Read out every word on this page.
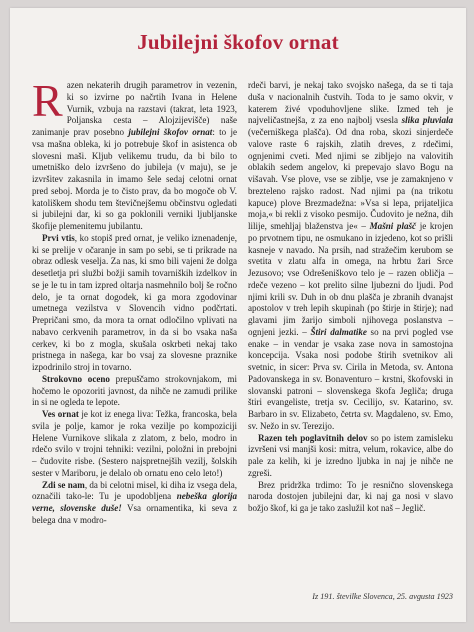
Jubilejni škofov ornat

Razen nekaterih drugih parametrov in vezenin, ki so izvirne po načrtih Ivana in Helene Vurnik, vzbuja na razstavi (takrat, leta 1923, Poljanska cesta – Alojzijevišče) naše zanimanje prav posebno jubilejni škofov ornat: to je vsa mašna obleka, ki jo potrebuje škof in asistenca ob slovesni maši. Kljub velikemu trudu, da bi bilo to umetniško delo izvršeno do jubileja (v maju), se je izvršitev zakasnila in imamo šele sedaj celotni ornat pred seboj. Morda je to čisto prav, da bo mogoče ob V. katoliškem shodu tem števičnejšemu občinstvu ogledati si jubilejni dar, ki so ga poklonili verniki ljubljanske škofije plemenitemu jubilantu.

Prvi vtis, ko stopiš pred ornat, je veliko iznenadenje, ki se prelije v očaranje in sam po sebi, se ti prikrade na obraz odlesk veselja. Za nas, ki smo bili vajeni že dolga desetletja pri službi božji samih tovarniških izdelkov in se je le tu in tam izpred oltarja nasmehnilo bolj še ročno delo, je ta ornat dogodek, ki ga mora zgodovinar umetnega vezilstva v Slovencih vidno podčrtati. Prepričani smo, da mora ta ornat odločilno vplivati na nabavo cerkvenih parametrov, in da si bo vsaka naša cerkev, ki bo z mogla, skušala oskrbeti nekaj tako pristnega in našega, kar bo vsaj za slovesne praznike izpodrinilo stroj in tovarno.

Strokovno oceno prepuščamo strokovnjakom, mi hočemo le opozoriti javnost, da nihče ne zamudi prilike in si ne ogleda te lepote.

Ves ornat je kot iz enega liva: Težka, francoska, bela svila je polje, kamor je roka vezilje po kompoziciji Helene Vurnikove slikala z zlatom, z belo, modro in rdečo svilo v trojni tehniki: vezilni, položni in prebojni – čudovite risbe. (Sestero najspretnejših vezilj, šolskih sester v Mariboru, je delalo ob ornatu eno celo leto!)

Zdi se nam, da bi celotni misel, ki diha iz vsega dela, označili tako-le: Tu je upodobljena nebeška glorija verne, slovenske duše! Vsa ornamentika, ki seva z belega dna v modro-

rdeči barvi, je nekaj tako svojsko našega, da se ti taja duša v nacionalnih čustvih. Toda to je samo okvir, v katerem živé vpoduhovljene slike. Izmed teh je najveličastnejša, z za eno najbolj vsesla slika pluviala (večerniškega plašča). Od dna roba, skozi sinjerdeče valove raste 6 rajskih, zlatih dreves, z rdečimi, ognjenimi cveti. Med njimi se zibljejo na valovitih oblakih sedem angelov, ki prepevajo slavo Bogu na višavah. Vse plove, vse se ziblje, vse je zamaknjeno v brezteleno rajsko radost. Nad njimi pa (na trikotu kapuce) plove Brezmadežna: »Vsa si lepa, prijateljica moja,« bi rekli z visoko pesmijo. Čudovito je nežna, dih lilije, smehljaj blaženstva je« – Mašni plašč je krojen po prvotnem tipu, ne osmukano in izjedeno, kot so prišli kasneje v navado. Na prsih, nad stražečim kerubom se svetita v zlatu alfa in omega, na hrbtu žari Srce Jezusovo; vse Odrešeniškovo telo je – razen obličja – rdeče vezeno – kot prelito silne ljubezni do ljudi. Pod njimi krili sv. Duh in ob dnu plašča je zbranih dvanajst apostolov v treh lepih skupinah (po štirje in štirje); nad glavami jim žarijo simboli njihovega poslanstva – ognjeni jezki. – Štiri dalmatike so na prvi pogled vse enake – in vendar je vsaka zase nova in samostojna koncepcija. Vsaka nosi podobe štirih svetnikov ali svetnic, in sicer: Prva sv. Cirila in Metoda, sv. Antona Padovanskega in sv. Bonaventuro – krstni, škofovski in slovanski patroni – slovenskega škofa Jegliča; druga štiri evangeliste, tretja sv. Cecilijo, sv. Katarino, sv. Barbaro in sv. Elizabeto, četrta sv. Magdaleno, sv. Emo, sv. Nežo in sv. Terezijo.

Razen teh poglavitnih delov so po istem zamisleku izvršeni vsi manjši kosi: mitra, velum, rokavice, albe do pale za kelih, ki je izredno ljubka in naj je nihče ne zgreši.

Brez pridržka trdimo: To je resnično slovenskega naroda dostojen jubilejni dar, ki naj ga nosi v slavo božjo škof, ki ga je tako zaslužil kot naš – Jeglič.

Iz 191. številke Slovenca, 25. avgusta 1923
